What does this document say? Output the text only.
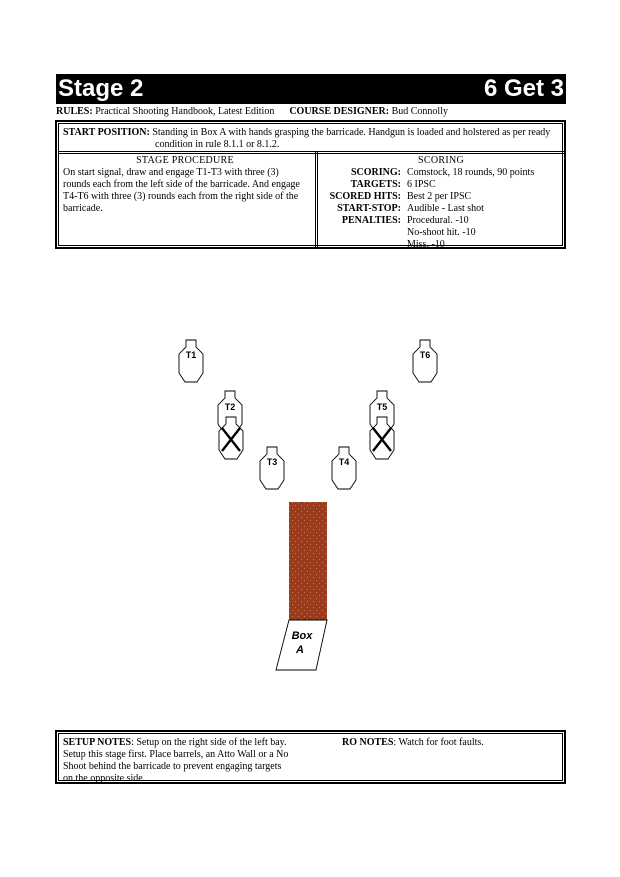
Stage 2	6 Get 3
RULES: Practical Shooting Handbook, Latest Edition COURSE DESIGNER: Bud Connolly
START POSITION: Standing in Box A with hands grasping the barricade. Handgun is loaded and holstered as per ready
condition in rule 8.1.1 or 8.1.2.
STAGE PROCEDURE
On start signal, draw and engage T1-T3 with three (3)
rounds each from the left side of the barricade. And engage
T4-T6 with three (3) rounds each from the right side of the
barricade.
SCORING
SCORING: Comstock, 18 rounds, 90 points
TARGETS: 6 IPSC
SCORED HITS: Best 2 per IPSC
START-STOP: Audible - Last shot
PENALTIES: Procedural. -10
No-shoot hit. -10
Miss. -10
T1	T6
T2	T5
T3	T4
Box
A
SETUP NOTES: Setup on the right side of the left bay.
Setup this stage first. Place barrels, an Atto Wall or a No
Shoot behind the barricade to prevent engaging targets
on the opposite side.
RO NOTES: Watch for foot faults.
